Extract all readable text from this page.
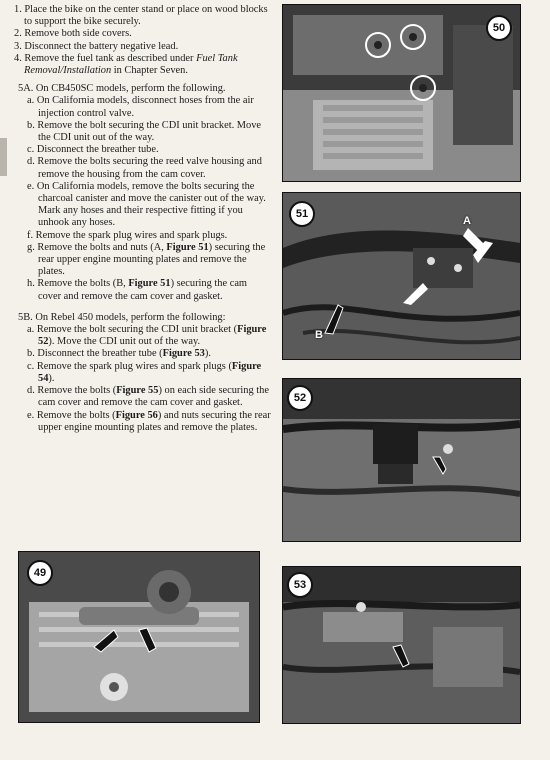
1. Place the bike on the center stand or place on wood blocks to support the bike securely.

2. Remove both side covers.

3. Disconnect the battery negative lead.

4. Remove the fuel tank as described under Fuel Tank Removal/Installation in Chapter Seven.

5A. On CB450SC models, perform the following.

a. On California models, disconnect hoses from the air injection control valve.

b. Remove the bolt securing the CDI unit bracket. Move the CDI unit out of the way.

c. Disconnect the breather tube.

d. Remove the bolts securing the reed valve housing and remove the housing from the cam cover.

e. On California models, remove the bolts securing the charcoal canister and move the canister out of the way. Mark any hoses and their respective fitting if you unhook any hoses.

f. Remove the spark plug wires and spark plugs.

g. Remove the bolts and nuts (A, Figure 51) securing the rear upper engine mounting plates and remove the plates.

h. Remove the bolts (B, Figure 51) securing the cam cover and remove the cam cover and gasket.

5B. On Rebel 450 models, perform the following:

a. Remove the bolt securing the CDI unit bracket (Figure 52). Move the CDI unit out of the way.

b. Disconnect the breather tube (Figure 53).

c. Remove the spark plug wires and spark plugs (Figure 54).

d. Remove the bolts (Figure 55) on each side securing the cam cover and remove the cam cover and gasket.

e. Remove the bolts (Figure 56) and nuts securing the rear upper engine mounting plates and remove the plates.

50
51
A
B
52
49
53
